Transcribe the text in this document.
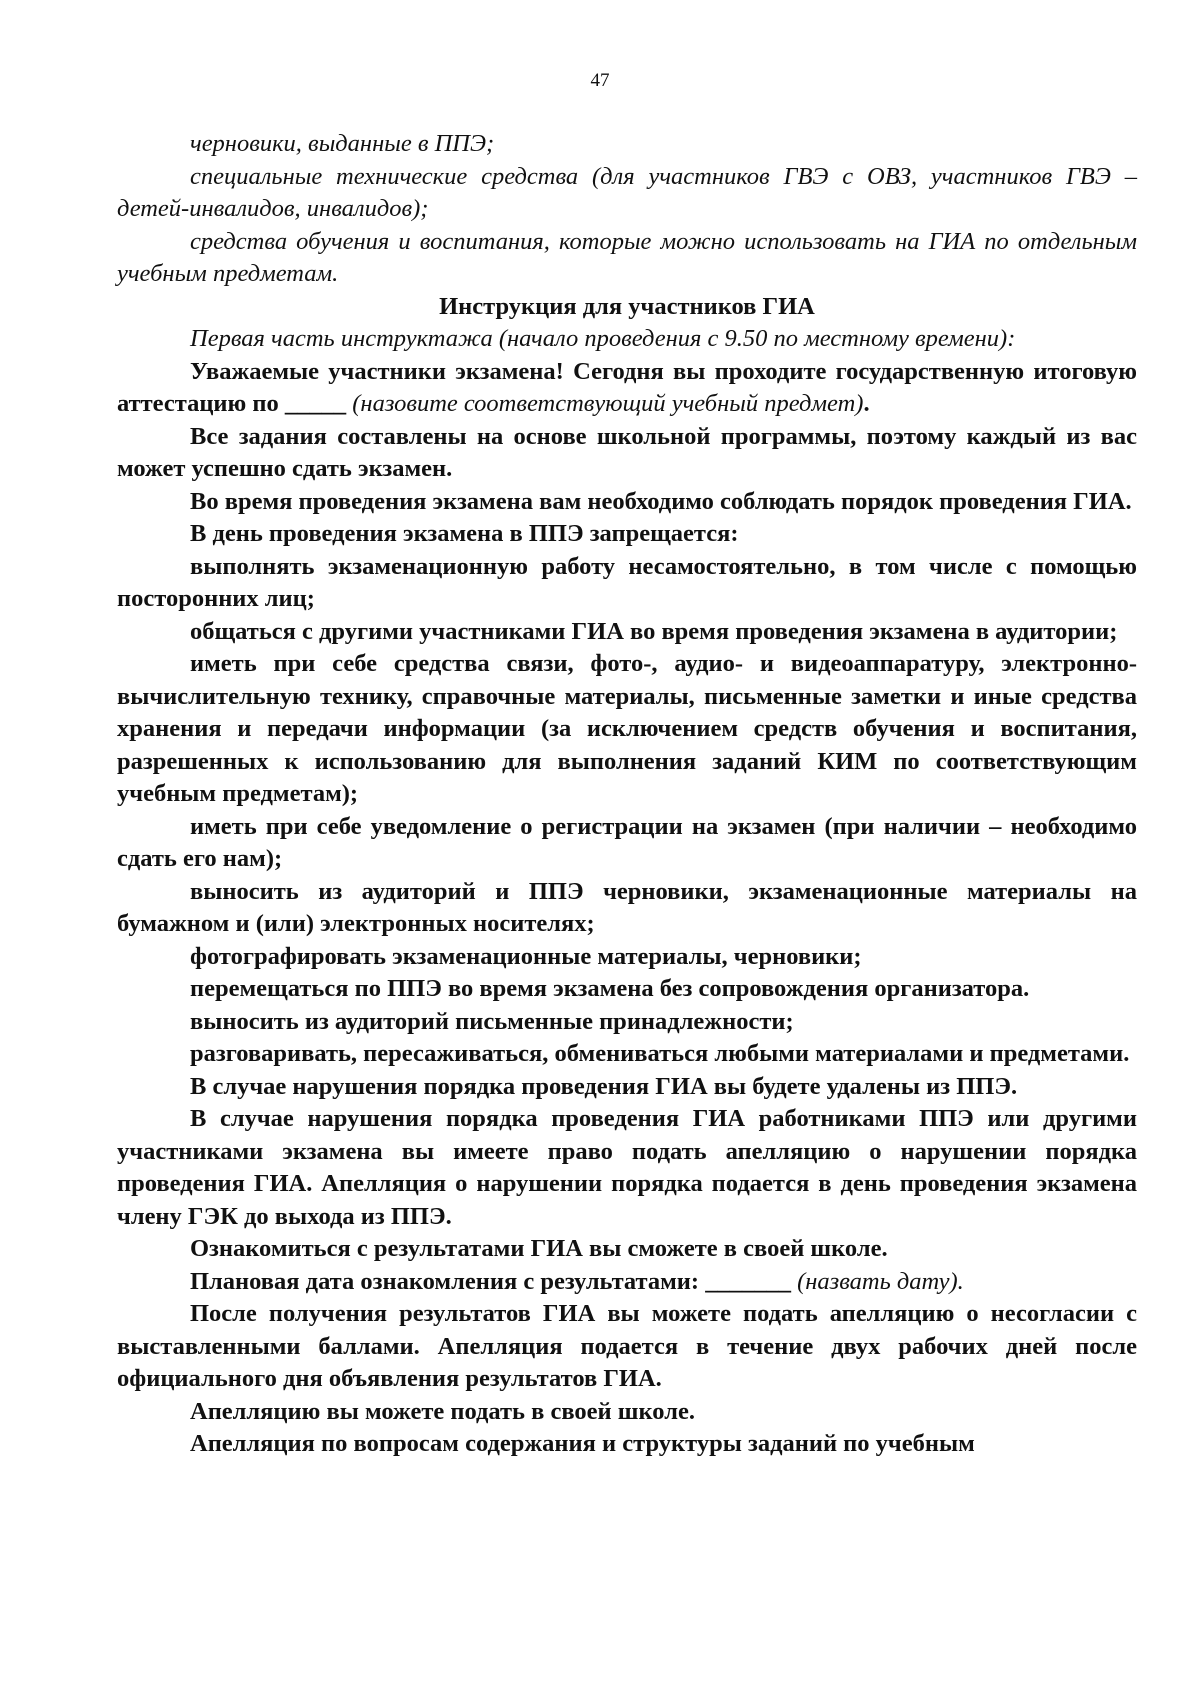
47

черновики, выданные в ППЭ;

специальные технические средства (для участников ГВЭ с ОВЗ, участников ГВЭ – детей-инвалидов, инвалидов);

средства обучения и воспитания, которые можно использовать на ГИА по отдельным учебным предметам.

Инструкция для участников ГИА

Первая часть инструктажа (начало проведения с 9.50 по местному времени):

Уважаемые участники экзамена! Сегодня вы проходите государственную итоговую аттестацию по _____ (назовите соответствующий учебный предмет).

Все задания составлены на основе школьной программы, поэтому каждый из вас может успешно сдать экзамен.

Во время проведения экзамена вам необходимо соблюдать порядок проведения ГИА.

В день проведения экзамена в ППЭ запрещается:

выполнять экзаменационную работу несамостоятельно, в том числе с помощью посторонних лиц;

общаться с другими участниками ГИА во время проведения экзамена в аудитории;

иметь при себе средства связи, фото-, аудио- и видеоаппаратуру, электронно-вычислительную технику, справочные материалы, письменные заметки и иные средства хранения и передачи информации (за исключением средств обучения и воспитания, разрешенных к использованию для выполнения заданий КИМ по соответствующим учебным предметам);

иметь при себе уведомление о регистрации на экзамен (при наличии – необходимо сдать его нам);

выносить из аудиторий и ППЭ черновики, экзаменационные материалы на бумажном и (или) электронных носителях;

фотографировать экзаменационные материалы, черновики;

перемещаться по ППЭ во время экзамена без сопровождения организатора.

выносить из аудиторий письменные принадлежности;

разговаривать, пересаживаться, обмениваться любыми материалами и предметами.

В случае нарушения порядка проведения ГИА вы будете удалены из ППЭ.

В случае нарушения порядка проведения ГИА работниками ППЭ или другими участниками экзамена вы имеете право подать апелляцию о нарушении порядка проведения ГИА. Апелляция о нарушении порядка подается в день проведения экзамена члену ГЭК до выхода из ППЭ.

Ознакомиться с результатами ГИА вы сможете в своей школе.

Плановая дата ознакомления с результатами: _______ (назвать дату).

После получения результатов ГИА вы можете подать апелляцию о несогласии с выставленными баллами. Апелляция подается в течение двух рабочих дней после официального дня объявления результатов ГИА.

Апелляцию вы можете подать в своей школе.

Апелляция по вопросам содержания и структуры заданий по учебным
